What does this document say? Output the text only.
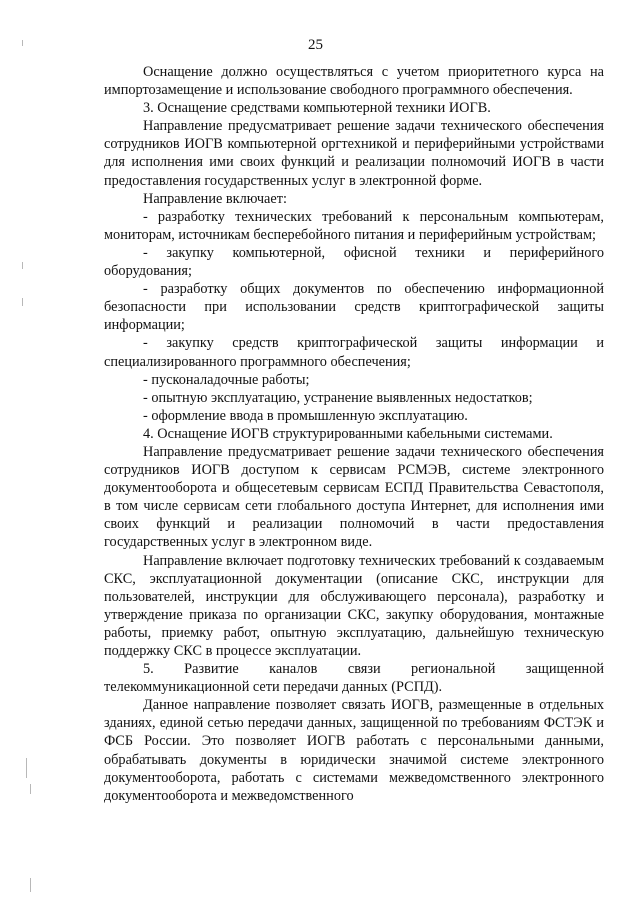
25

Оснащение должно осуществляться с учетом приоритетного курса на импортозамещение и использование свободного программного обеспечения.

3. Оснащение средствами компьютерной техники ИОГВ.

Направление предусматривает решение задачи технического обеспечения сотрудников ИОГВ компьютерной оргтехникой и периферийными устройствами для исполнения ими своих функций и реализации полномочий ИОГВ в части предоставления государственных услуг в электронной форме.

Направление включает:

- разработку технических требований к персональным компьютерам, мониторам, источникам бесперебойного питания и периферийным устройствам;

- закупку компьютерной, офисной техники и периферийного оборудования;

- разработку общих документов по обеспечению информационной безопасности при использовании средств криптографической защиты информации;

- закупку средств криптографической защиты информации и специализированного программного обеспечения;

- пусконаладочные работы;

- опытную эксплуатацию, устранение выявленных недостатков;

- оформление ввода в промышленную эксплуатацию.

4. Оснащение ИОГВ структурированными кабельными системами.

Направление предусматривает решение задачи технического обеспечения сотрудников ИОГВ доступом к сервисам РСМЭВ, системе электронного документооборота и общесетевым сервисам ЕСПД Правительства Севастополя, в том числе сервисам сети глобального доступа Интернет, для исполнения ими своих функций и реализации полномочий в части предоставления государственных услуг в электронном виде.

Направление включает подготовку технических требований к создаваемым СКС, эксплуатационной документации (описание СКС, инструкции для пользователей, инструкции для обслуживающего персонала), разработку и утверждение приказа по организации СКС, закупку оборудования, монтажные работы, приемку работ, опытную эксплуатацию, дальнейшую техническую поддержку СКС в процессе эксплуатации.

5. Развитие каналов связи региональной защищенной телекоммуникационной сети передачи данных (РСПД).

Данное направление позволяет связать ИОГВ, размещенные в отдельных зданиях, единой сетью передачи данных, защищенной по требованиям ФСТЭК и ФСБ России. Это позволяет ИОГВ работать с персональными данными, обрабатывать документы в юридически значимой системе электронного документооборота, работать с системами межведомственного электронного документооборота и межведомственного
